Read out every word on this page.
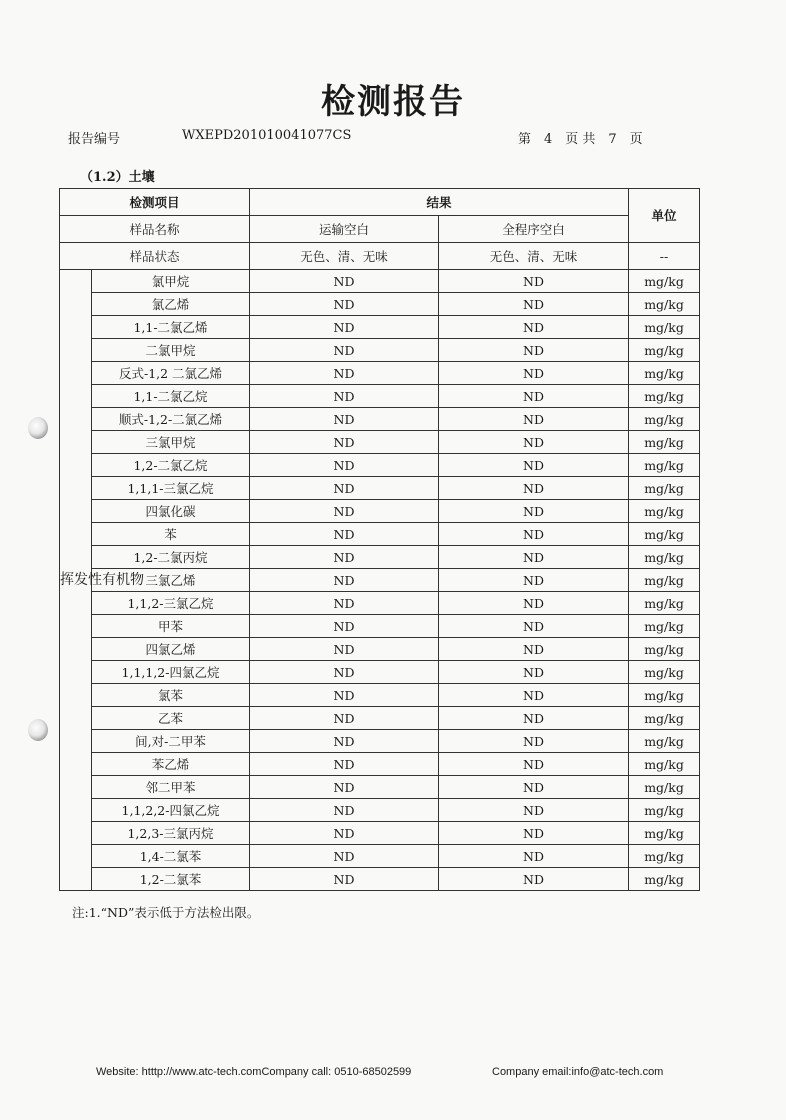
检测报告
报告编号	WXEPD201010041077CS	第　4　页 共　7　页
（1.2）土壤
检测项目		结果		单位
样品名称		运输空白	全程序空白	
样品状态		无色、清、无味	无色、清、无味	--
挥发性有机物	氯甲烷	ND	ND	mg/kg
	氯乙烯	ND	ND	mg/kg
	1,1-二氯乙烯	ND	ND	mg/kg
	二氯甲烷	ND	ND	mg/kg
	反式-1,2 二氯乙烯	ND	ND	mg/kg
	1,1-二氯乙烷	ND	ND	mg/kg
	顺式-1,2-二氯乙烯	ND	ND	mg/kg
	三氯甲烷	ND	ND	mg/kg
	1,2-二氯乙烷	ND	ND	mg/kg
	1,1,1-三氯乙烷	ND	ND	mg/kg
	四氯化碳	ND	ND	mg/kg
	苯	ND	ND	mg/kg
	1,2-二氯丙烷	ND	ND	mg/kg
	三氯乙烯	ND	ND	mg/kg
	1,1,2-三氯乙烷	ND	ND	mg/kg
	甲苯	ND	ND	mg/kg
	四氯乙烯	ND	ND	mg/kg
	1,1,1,2-四氯乙烷	ND	ND	mg/kg
	氯苯	ND	ND	mg/kg
	乙苯	ND	ND	mg/kg
	间,对-二甲苯	ND	ND	mg/kg
	苯乙烯	ND	ND	mg/kg
	邻二甲苯	ND	ND	mg/kg
	1,1,2,2-四氯乙烷	ND	ND	mg/kg
	1,2,3-三氯丙烷	ND	ND	mg/kg
	1,4-二氯苯	ND	ND	mg/kg
	1,2-二氯苯	ND	ND	mg/kg
注:1.“ND”表示低于方法检出限。
Website: htttp://www.atc-tech.comCompany call: 0510-68502599	Company email:info@atc-tech.com
